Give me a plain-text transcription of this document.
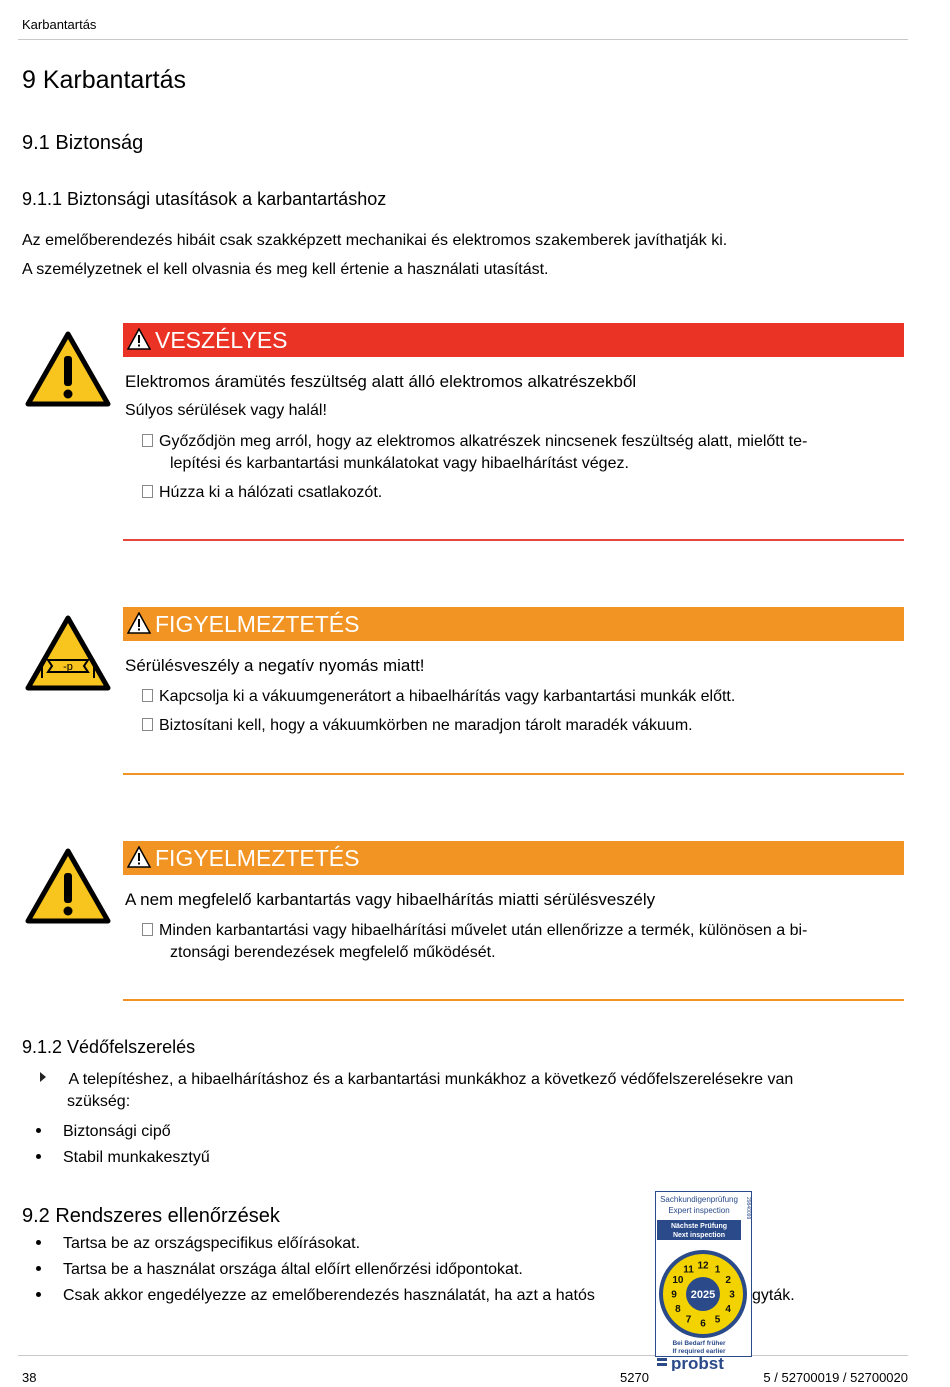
Karbantartás
9 Karbantartás
9.1 Biztonság
9.1.1 Biztonsági utasítások a karbantartáshoz
Az emelőberendezés hibáit csak szakképzett mechanikai és elektromos szakemberek javíthatják ki.
A személyzetnek el kell olvasnia és meg kell értenie a használati utasítást.
VESZÉLYES
Elektromos áramütés feszültség alatt álló elektromos alkatrészekből
Súlyos sérülések vagy halál!
Győződjön meg arról, hogy az elektromos alkatrészek nincsenek feszültség alatt, mielőtt te-
lepítési és karbantartási munkálatokat vagy hibaelhárítást végez.
Húzza ki a hálózati csatlakozót.
-p
FIGYELMEZTETÉS
Sérülésveszély a negatív nyomás miatt!
Kapcsolja ki a vákuumgenerátort a hibaelhárítás vagy karbantartási munkák előtt.
Biztosítani kell, hogy a vákuumkörben ne maradjon tárolt maradék vákuum.
FIGYELMEZTETÉS
A nem megfelelő karbantartás vagy hibaelhárítás miatti sérülésveszély
Minden karbantartási vagy hibaelhárítási művelet után ellenőrizze a termék, különösen a bi-
ztonsági berendezések megfelelő működését.
9.1.2 Védőfelszerelés
A telepítéshez, a hibaelhárításhoz és a karbantartási munkákhoz a következő védőfelszerelésekre van
szükség:
Biztonsági cipő
Stabil munkakesztyű
9.2 Rendszeres ellenőrzések
Tartsa be az országspecifikus előírásokat.
Tartsa be a használat országa által előírt ellenőrzési időpontokat.
Csak akkor engedélyezze az emelőberendezés használatát, ha azt a hatós	gyták.
38	5270	5 / 52700019 / 52700020
Sachkundigenprüfung
Expert inspection	29840099
Nächste Prüfung
Next inspection
1
2
3
4
5
6
7
8
9
10
11 12
2025
Bei Bedarf früher
If required earlier
probst
